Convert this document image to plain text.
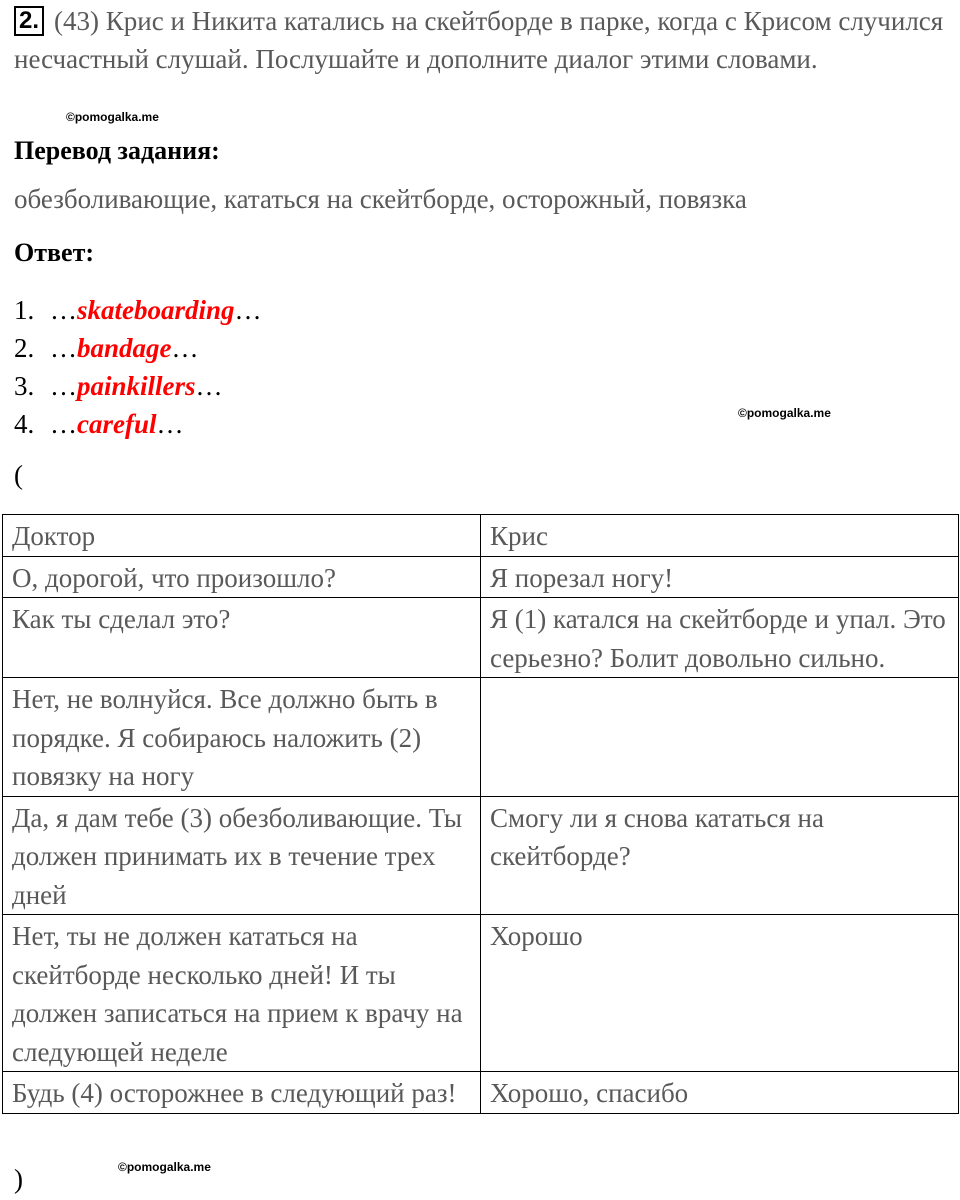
2. (43) Крис и Никита катались на скейтборде в парке, когда с Крисом случился несчастный слушай. Послушайте и дополните диалог этими словами.

©pomogalka.me

Перевод задания:

обезболивающие, кататься на скейтборде, осторожный, повязка

Ответ:

1. …skateboarding…
2. …bandage…
3. …painkillers…
4. …careful…	©pomogalka.me
(
Доктор	Крис
О, дорогой, что произошло?	Я порезал ногу!
Как ты сделал это?	Я (1) катался на скейтборде и упал. Это серьезно? Болит довольно сильно.
Нет, не волнуйся. Все должно быть в порядке. Я собираюсь наложить (2) повязку на ногу	
Да, я дам тебе (3) обезболивающие. Ты должен принимать их в течение трех дней	Смогу ли я снова кататься на скейтборде?
Нет, ты не должен кататься на скейтборде несколько дней! И ты должен записаться на прием к врачу на следующей неделе	Хорошо
Будь (4) осторожнее в следующий раз!	Хорошо, спасибо
©pomogalka.me
)
